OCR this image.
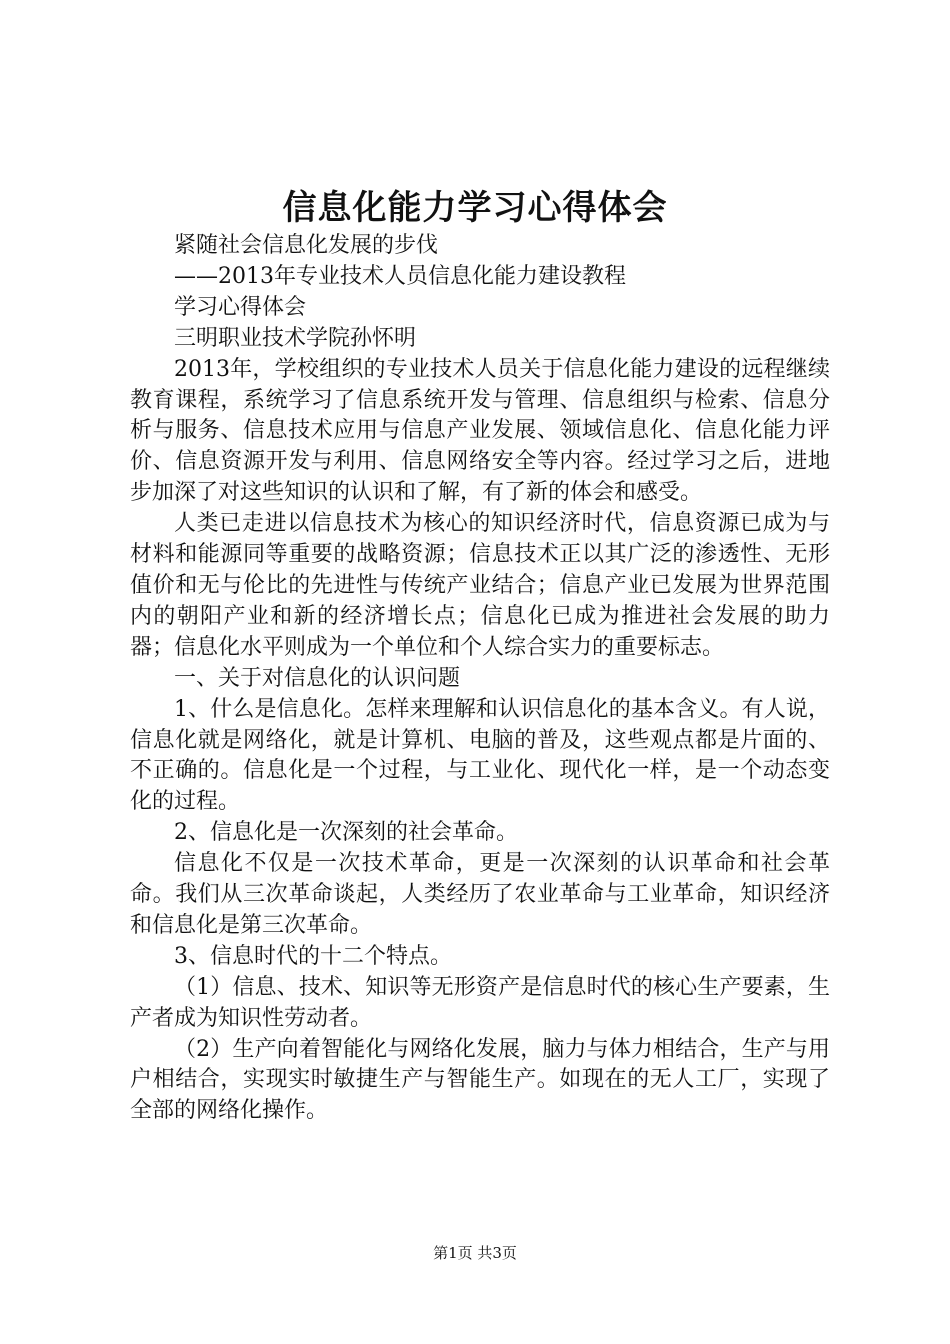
信息化能力学习心得体会

紧随社会信息化发展的步伐

——2013年专业技术人员信息化能力建设教程

学习心得体会

三明职业技术学院孙怀明

2013年，学校组织的专业技术人员关于信息化能力建设的远程继续教育课程，系统学习了信息系统开发与管理、信息组织与检索、信息分析与服务、信息技术应用与信息产业发展、领域信息化、信息化能力评价、信息资源开发与利用、信息网络安全等内容。经过学习之后，进地步加深了对这些知识的认识和了解，有了新的体会和感受。

人类已走进以信息技术为核心的知识经济时代，信息资源已成为与材料和能源同等重要的战略资源；信息技术正以其广泛的渗透性、无形值价和无与伦比的先进性与传统产业结合；信息产业已发展为世界范围内的朝阳产业和新的经济增长点；信息化已成为推进社会发展的助力器；信息化水平则成为一个单位和个人综合实力的重要标志。

一、关于对信息化的认识问题

1、什么是信息化。怎样来理解和认识信息化的基本含义。有人说，信息化就是网络化，就是计算机、电脑的普及，这些观点都是片面的、不正确的。信息化是一个过程，与工业化、现代化一样，是一个动态变化的过程。

2、信息化是一次深刻的社会革命。

信息化不仅是一次技术革命，更是一次深刻的认识革命和社会革命。我们从三次革命谈起，人类经历了农业革命与工业革命，知识经济和信息化是第三次革命。

3、信息时代的十二个特点。

（1）信息、技术、知识等无形资产是信息时代的核心生产要素，生产者成为知识性劳动者。

（2）生产向着智能化与网络化发展，脑力与体力相结合，生产与用户相结合，实现实时敏捷生产与智能生产。如现在的无人工厂，实现了全部的网络化操作。

第1页 共3页
